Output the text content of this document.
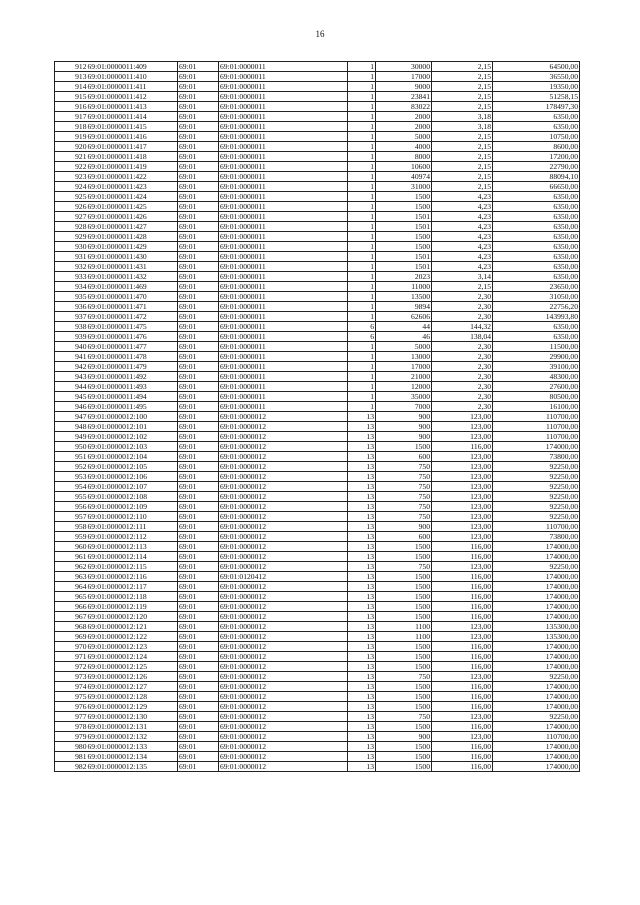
16
912	69:01:0000011:409	69:01	69:01:0000011	1	30000	2,15	64500,00
913	69:01:0000011:410	69:01	69:01:0000011	1	17000	2,15	36550,00
914	69:01:0000011:411	69:01	69:01:0000011	1	9000	2,15	19350,00
915	69:01:0000011:412	69:01	69:01:0000011	1	23841	2,15	51258,15
916	69:01:0000011:413	69:01	69:01:0000011	1	83022	2,15	178497,30
917	69:01:0000011:414	69:01	69:01:0000011	1	2000	3,18	6350,00
918	69:01:0000011:415	69:01	69:01:0000011	1	2000	3,18	6350,00
919	69:01:0000011:416	69:01	69:01:0000011	1	5000	2,15	10750,00
920	69:01:0000011:417	69:01	69:01:0000011	1	4000	2,15	8600,00
921	69:01:0000011:418	69:01	69:01:0000011	1	8000	2,15	17200,00
922	69:01:0000011:419	69:01	69:01:0000011	1	10600	2,15	22790,00
923	69:01:0000011:422	69:01	69:01:0000011	1	40974	2,15	88094,10
924	69:01:0000011:423	69:01	69:01:0000011	1	31000	2,15	66650,00
925	69:01:0000011:424	69:01	69:01:0000011	1	1500	4,23	6350,00
926	69:01:0000011:425	69:01	69:01:0000011	1	1500	4,23	6350,00
927	69:01:0000011:426	69:01	69:01:0000011	1	1501	4,23	6350,00
928	69:01:0000011:427	69:01	69:01:0000011	1	1501	4,23	6350,00
929	69:01:0000011:428	69:01	69:01:0000011	1	1500	4,23	6350,00
930	69:01:0000011:429	69:01	69:01:0000011	1	1500	4,23	6350,00
931	69:01:0000011:430	69:01	69:01:0000011	1	1501	4,23	6350,00
932	69:01:0000011:431	69:01	69:01:0000011	1	1501	4,23	6350,00
933	69:01:0000011:432	69:01	69:01:0000011	1	2023	3,14	6350,00
934	69:01:0000011:469	69:01	69:01:0000011	1	11000	2,15	23650,00
935	69:01:0000011:470	69:01	69:01:0000011	1	13500	2,30	31050,00
936	69:01:0000011:471	69:01	69:01:0000011	1	9894	2,30	22756,20
937	69:01:0000011:472	69:01	69:01:0000011	1	62606	2,30	143993,80
938	69:01:0000011:475	69:01	69:01:0000011	6	44	144,32	6350,00
939	69:01:0000011:476	69:01	69:01:0000011	6	46	138,04	6350,00
940	69:01:0000011:477	69:01	69:01:0000011	1	5000	2,30	11500,00
941	69:01:0000011:478	69:01	69:01:0000011	1	13000	2,30	29900,00
942	69:01:0000011:479	69:01	69:01:0000011	1	17000	2,30	39100,00
943	69:01:0000011:492	69:01	69:01:0000011	1	21000	2,30	48300,00
944	69:01:0000011:493	69:01	69:01:0000011	1	12000	2,30	27600,00
945	69:01:0000011:494	69:01	69:01:0000011	1	35000	2,30	80500,00
946	69:01:0000011:495	69:01	69:01:0000011	1	7000	2,30	16100,00
947	69:01:0000012:100	69:01	69:01:0000012	13	900	123,00	110700,00
948	69:01:0000012:101	69:01	69:01:0000012	13	900	123,00	110700,00
949	69:01:0000012:102	69:01	69:01:0000012	13	900	123,00	110700,00
950	69:01:0000012:103	69:01	69:01:0000012	13	1500	116,00	174000,00
951	69:01:0000012:104	69:01	69:01:0000012	13	600	123,00	73800,00
952	69:01:0000012:105	69:01	69:01:0000012	13	750	123,00	92250,00
953	69:01:0000012:106	69:01	69:01:0000012	13	750	123,00	92250,00
954	69:01:0000012:107	69:01	69:01:0000012	13	750	123,00	92250,00
955	69:01:0000012:108	69:01	69:01:0000012	13	750	123,00	92250,00
956	69:01:0000012:109	69:01	69:01:0000012	13	750	123,00	92250,00
957	69:01:0000012:110	69:01	69:01:0000012	13	750	123,00	92250,00
958	69:01:0000012:111	69:01	69:01:0000012	13	900	123,00	110700,00
959	69:01:0000012:112	69:01	69:01:0000012	13	600	123,00	73800,00
960	69:01:0000012:113	69:01	69:01:0000012	13	1500	116,00	174000,00
961	69:01:0000012:114	69:01	69:01:0000012	13	1500	116,00	174000,00
962	69:01:0000012:115	69:01	69:01:0000012	13	750	123,00	92250,00
963	69:01:0000012:116	69:01	69:01:0120412	13	1500	116,00	174000,00
964	69:01:0000012:117	69:01	69:01:0000012	13	1500	116,00	174000,00
965	69:01:0000012:118	69:01	69:01:0000012	13	1500	116,00	174000,00
966	69:01:0000012:119	69:01	69:01:0000012	13	1500	116,00	174000,00
967	69:01:0000012:120	69:01	69:01:0000012	13	1500	116,00	174000,00
968	69:01:0000012:121	69:01	69:01:0000012	13	1100	123,00	135300,00
969	69:01:0000012:122	69:01	69:01:0000012	13	1100	123,00	135300,00
970	69:01:0000012:123	69:01	69:01:0000012	13	1500	116,00	174000,00
971	69:01:0000012:124	69:01	69:01:0000012	13	1500	116,00	174000,00
972	69:01:0000012:125	69:01	69:01:0000012	13	1500	116,00	174000,00
973	69:01:0000012:126	69:01	69:01:0000012	13	750	123,00	92250,00
974	69:01:0000012:127	69:01	69:01:0000012	13	1500	116,00	174000,00
975	69:01:0000012:128	69:01	69:01:0000012	13	1500	116,00	174000,00
976	69:01:0000012:129	69:01	69:01:0000012	13	1500	116,00	174000,00
977	69:01:0000012:130	69:01	69:01:0000012	13	750	123,00	92250,00
978	69:01:0000012:131	69:01	69:01:0000012	13	1500	116,00	174000,00
979	69:01:0000012:132	69:01	69:01:0000012	13	900	123,00	110700,00
980	69:01:0000012:133	69:01	69:01:0000012	13	1500	116,00	174000,00
981	69:01:0000012:134	69:01	69:01:0000012	13	1500	116,00	174000,00
982	69:01:0000012:135	69:01	69:01:0000012	13	1500	116,00	174000,00
